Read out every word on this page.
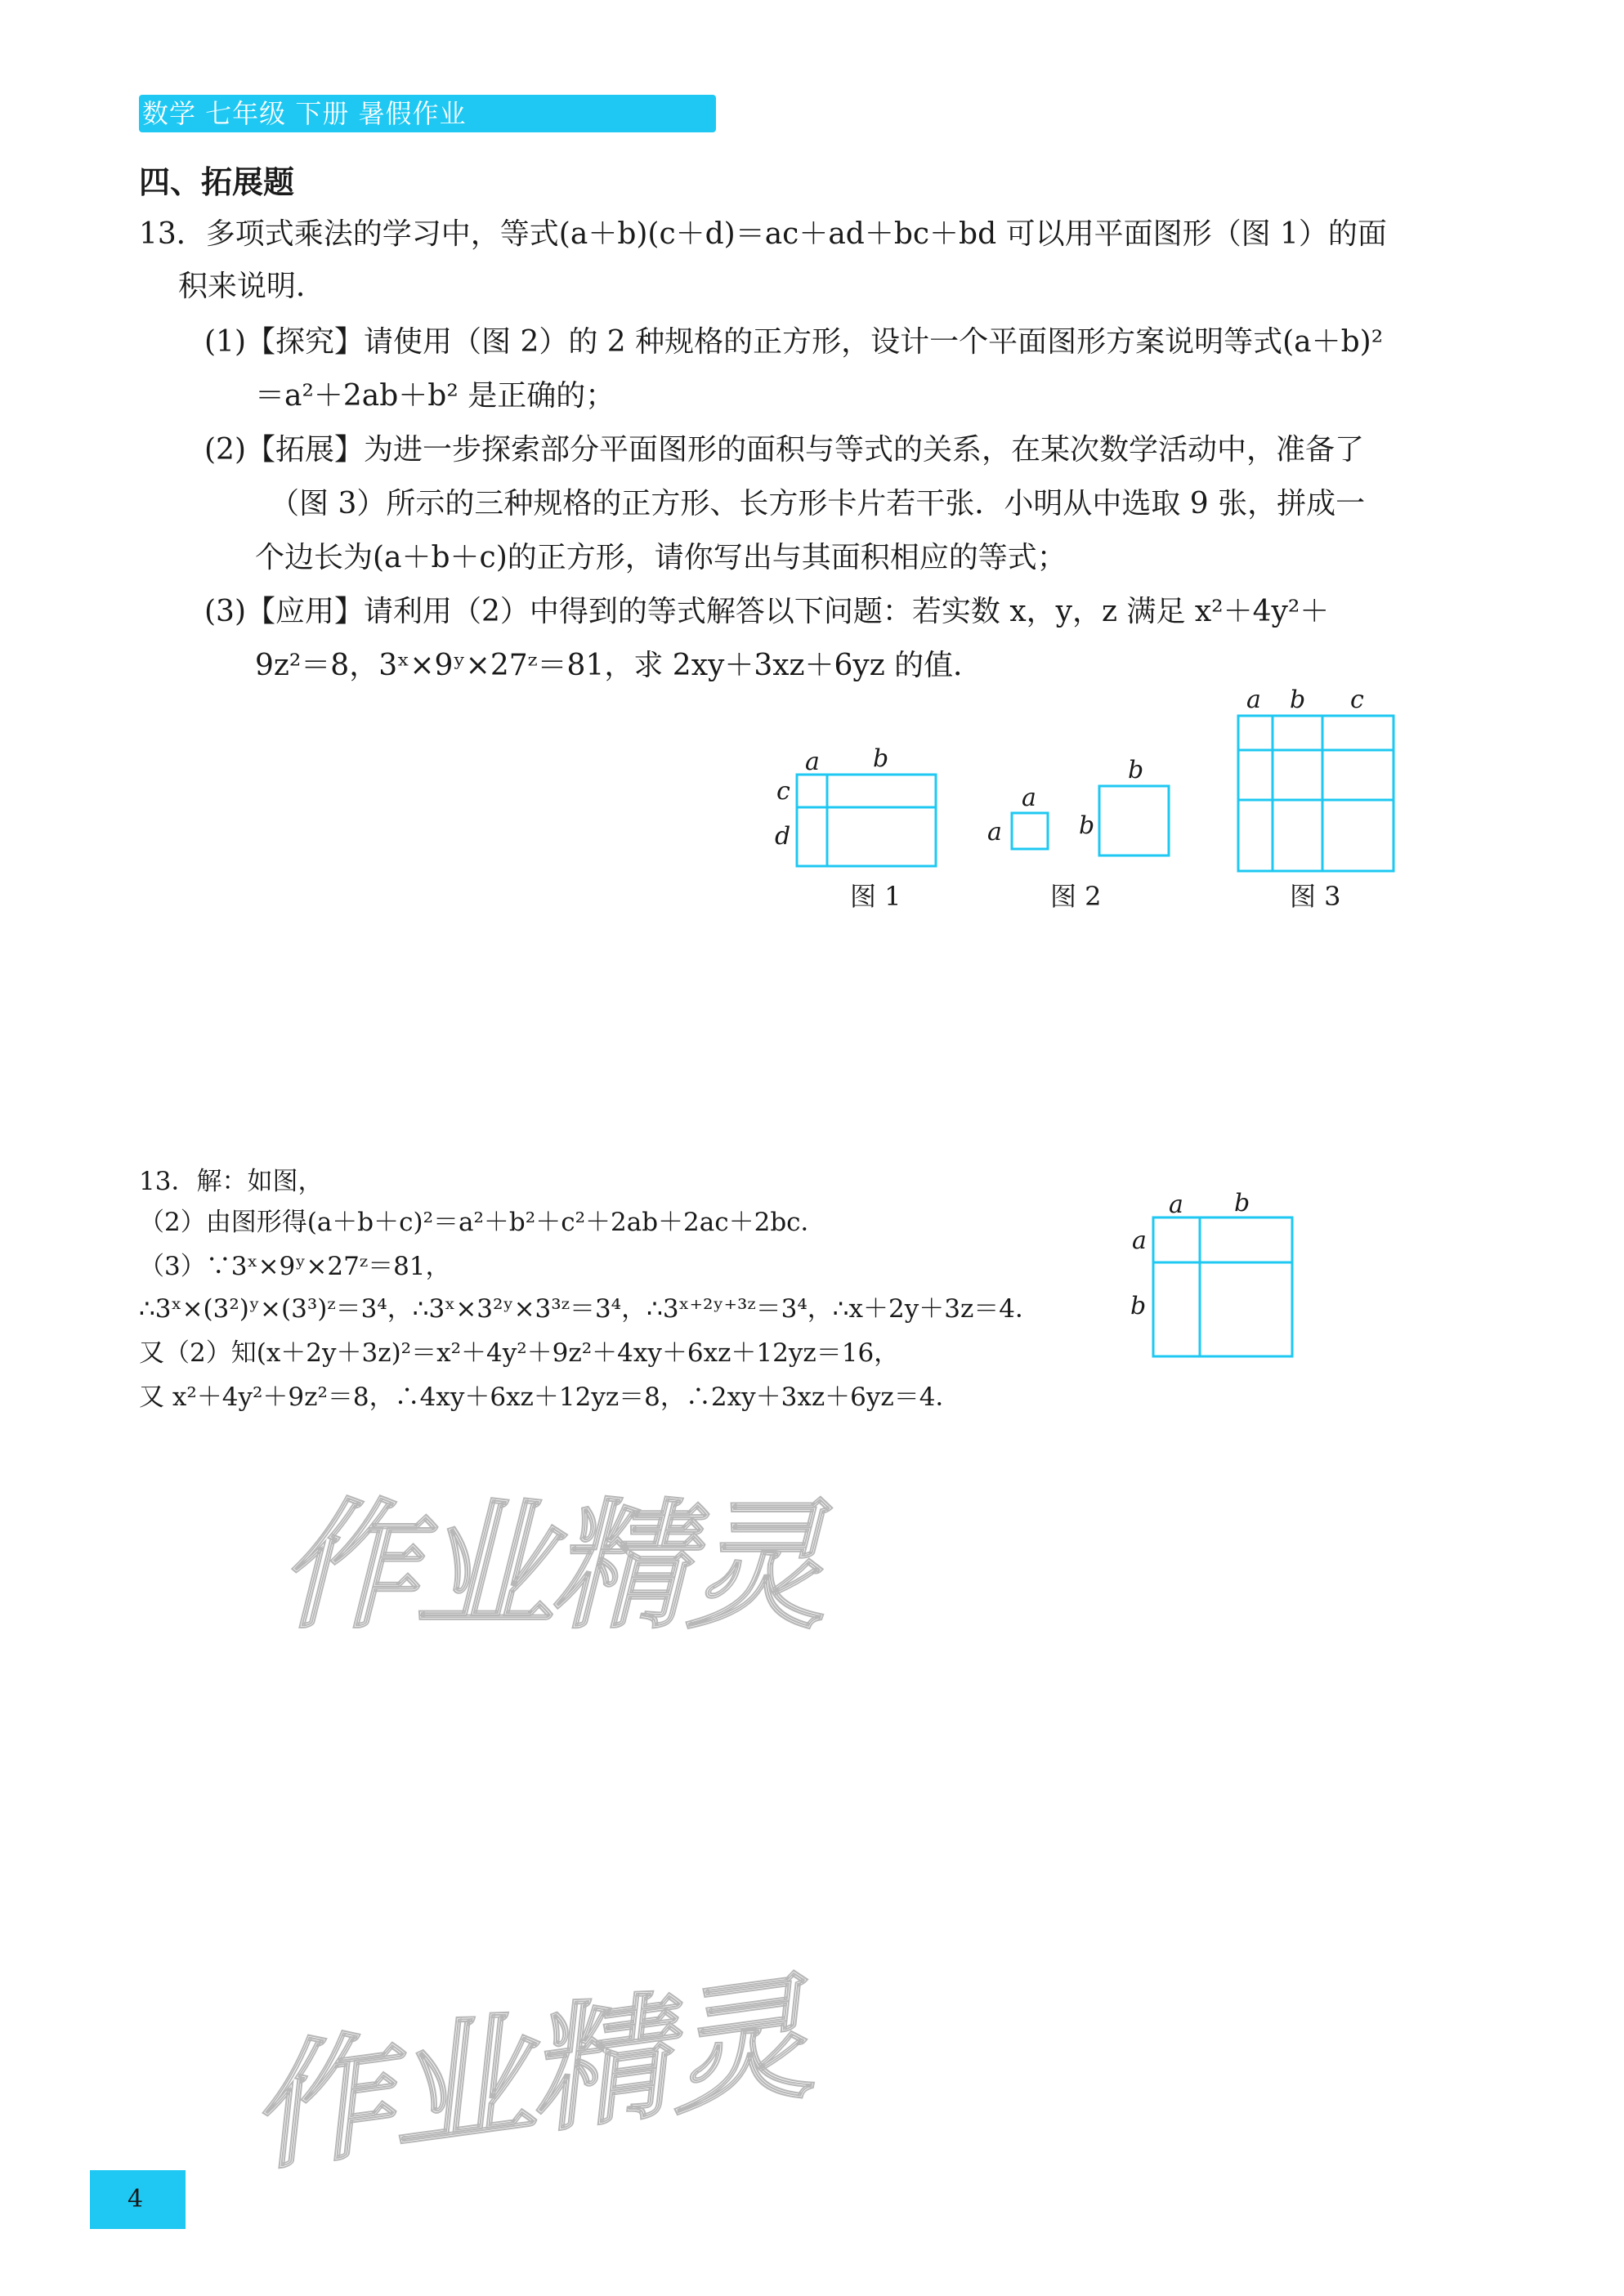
数学 七年级 下册 暑假作业
四、拓展题
13．多项式乘法的学习中，等式(a＋b)(c＋d)＝ac＋ad＋bc＋bd 可以用平面图形（图 1）的面
积来说明．
(1)【探究】请使用（图 2）的 2 种规格的正方形，设计一个平面图形方案说明等式(a＋b)²
＝a²＋2ab＋b² 是正确的；
(2)【拓展】为进一步探索部分平面图形的面积与等式的关系，在某次数学活动中，准备了
（图 3）所示的三种规格的正方形、长方形卡片若干张．小明从中选取 9 张，拼成一
个边长为(a＋b＋c)的正方形，请你写出与其面积相应的等式；
(3)【应用】请利用（2）中得到的等式解答以下问题：若实数 x，y，z 满足 x²＋4y²＋
9z²＝8，3ˣ×9ʸ×27ᶻ＝81，求 2xy＋3xz＋6yz 的值．
a b
c
d
图 1
a
a
b
b
图 2
a b c
图 3
a b
a
b
13．解：如图，
（2）由图形得(a＋b＋c)²＝a²＋b²＋c²＋2ab＋2ac＋2bc．
（3）∵3ˣ×9ʸ×27ᶻ＝81，
∴3ˣ×(3²)ʸ×(3³)ᶻ＝3⁴，∴3ˣ×3²ʸ×3³ᶻ＝3⁴，∴3ˣ⁺²ʸ⁺³ᶻ＝3⁴，∴x＋2y＋3z＝4．
又（2）知(x＋2y＋3z)²＝x²＋4y²＋9z²＋4xy＋6xz＋12yz＝16，
又 x²＋4y²＋9z²＝8，∴4xy＋6xz＋12yz＝8，∴2xy＋3xz＋6yz＝4．
作业精灵
作业精灵
4
